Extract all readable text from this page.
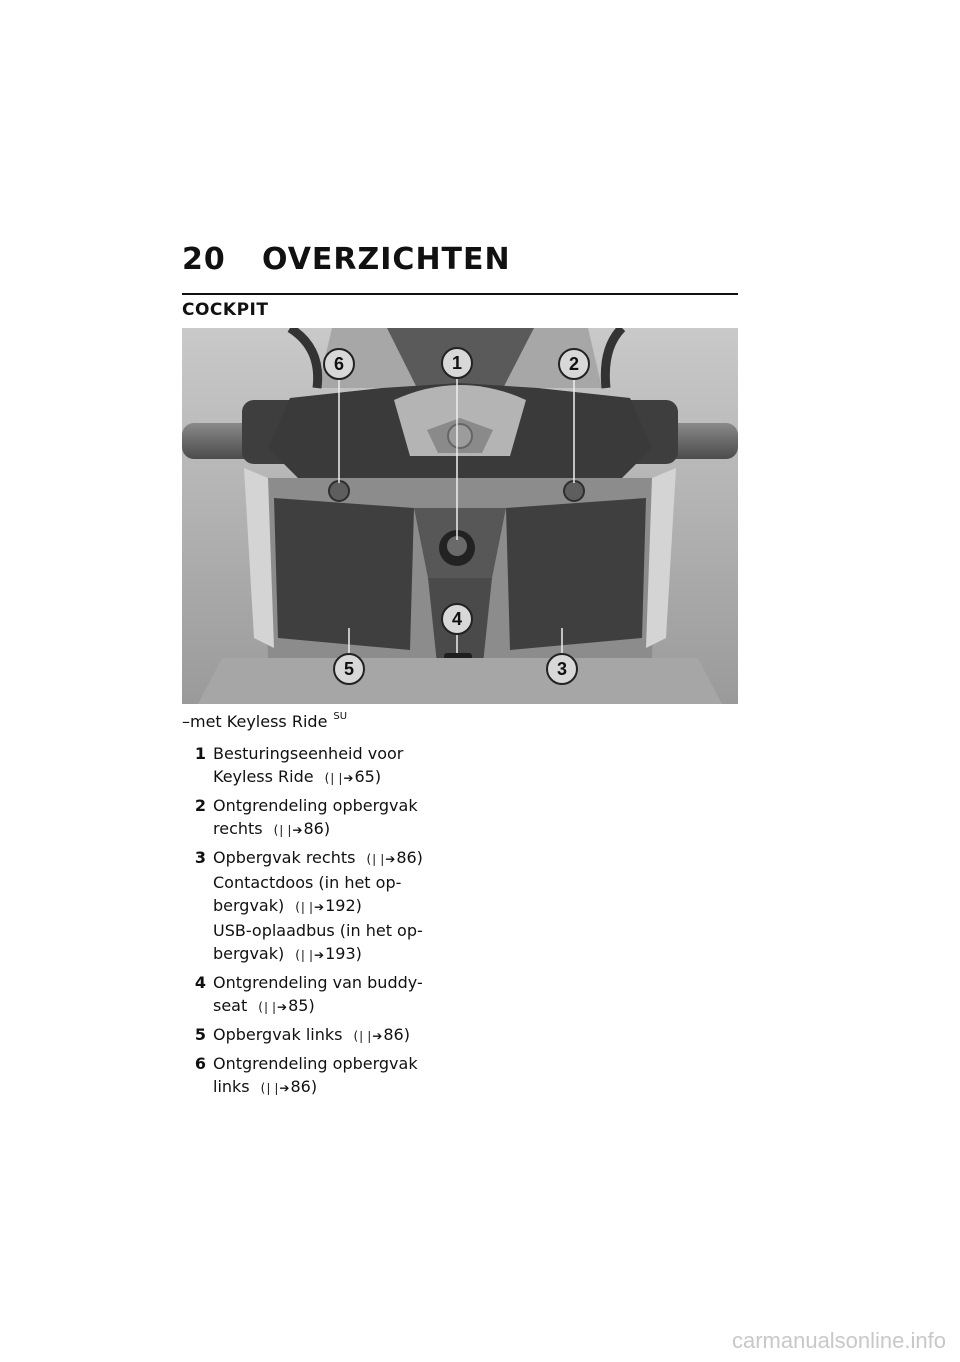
20 OVERZICHTEN
COCKPIT
6	1	2
4
5	3
–met Keyless Ride $^{SU}$
1 Besturingseenheid voor
Keyless Ride (❘❘➔ 65)
2 Ontgrendeling opbergvak
rechts (❘❘➔ 86)
3 Opbergvak rechts (❘❘➔ 86)
Contactdoos (in het op-
bergvak) (❘❘➔ 192)
USB-oplaadbus (in het op-
bergvak) (❘❘➔ 193)
4 Ontgrendeling van buddy-
seat (❘❘➔ 85)
5 Opbergvak links (❘❘➔ 86)
6 Ontgrendeling opbergvak
links (❘❘➔ 86)
carmanualsonline.info
